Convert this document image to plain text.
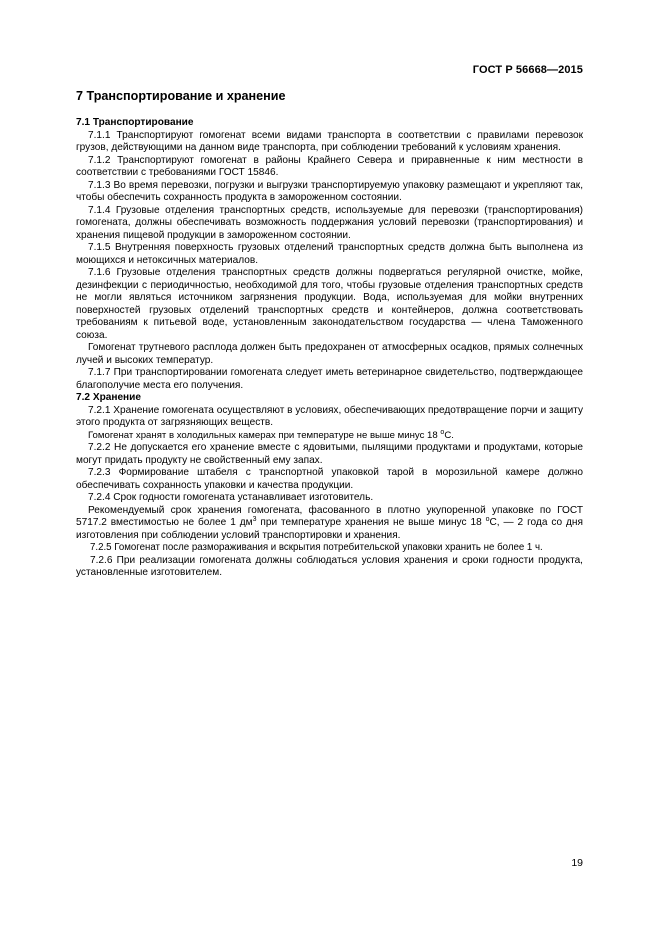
ГОСТ Р 56668—2015
7 Транспортирование и хранение

7.1 Транспортирование

7.1.1 Транспортируют гомогенат всеми видами транспорта в соответствии с правилами перевозок грузов, действующими на данном виде транспорта, при соблюдении требований к условиям хранения.

7.1.2 Транспортируют гомогенат в районы Крайнего Севера и приравненные к ним местности в соответствии с требованиями ГОСТ 15846.

7.1.3 Во время перевозки, погрузки и выгрузки транспортируемую упаковку размещают и укрепляют так, чтобы обеспечить сохранность продукта в замороженном состоянии.

7.1.4 Грузовые отделения транспортных средств, используемые для перевозки (транспортирования) гомогената, должны обеспечивать возможность поддержания условий перевозки (транспортирования) и хранения пищевой продукции в замороженном состоянии.

7.1.5 Внутренняя поверхность грузовых отделений транспортных средств должна быть выполнена из моющихся и нетоксичных материалов.

7.1.6 Грузовые отделения транспортных средств должны подвергаться регулярной очистке, мойке, дезинфекции с периодичностью, необходимой для того, чтобы грузовые отделения транспортных средств не могли являться источником загрязнения продукции. Вода, используемая для мойки внутренних поверхностей грузовых отделений транспортных средств и контейнеров, должна соответствовать требованиям к питьевой воде, установленным законодательством государства — члена Таможенного союза.

Гомогенат трутневого расплода должен быть предохранен от атмосферных осадков, прямых солнечных лучей и высоких температур.

7.1.7 При транспортировании гомогената следует иметь ветеринарное свидетельство, подтверждающее благополучие места его получения.

7.2 Хранение

7.2.1 Хранение гомогената осуществляют в условиях, обеспечивающих предотвращение порчи и защиту этого продукта от загрязняющих веществ.

Гомогенат хранят в холодильных камерах при температуре не выше минус 18 $^о$С.

7.2.2 Не допускается его хранение вместе с ядовитыми, пылящими продуктами и продуктами, которые могут придать продукту не свойственный ему запах.

7.2.3 Формирование штабеля с транспортной упаковкой тарой в морозильной камере должно обеспечивать сохранность упаковки и качества продукции.

7.2.4 Срок годности гомогената устанавливает изготовитель.

Рекомендуемый срок хранения гомогената, фасованного в плотно укупоренной упаковке по ГОСТ 5717.2 вместимостью не более 1 $дм^3$ при температуре хранения не выше минус 18 $^о$С, — 2 года со дня изготовления при соблюдении условий транспортировки и хранения.

7.2.5 Гомогенат после размораживания и вскрытия потребительской упаковки хранить не более 1 ч.

7.2.6 При реализации гомогената должны соблюдаться условия хранения и сроки годности продукта, установленные изготовителем.

19
